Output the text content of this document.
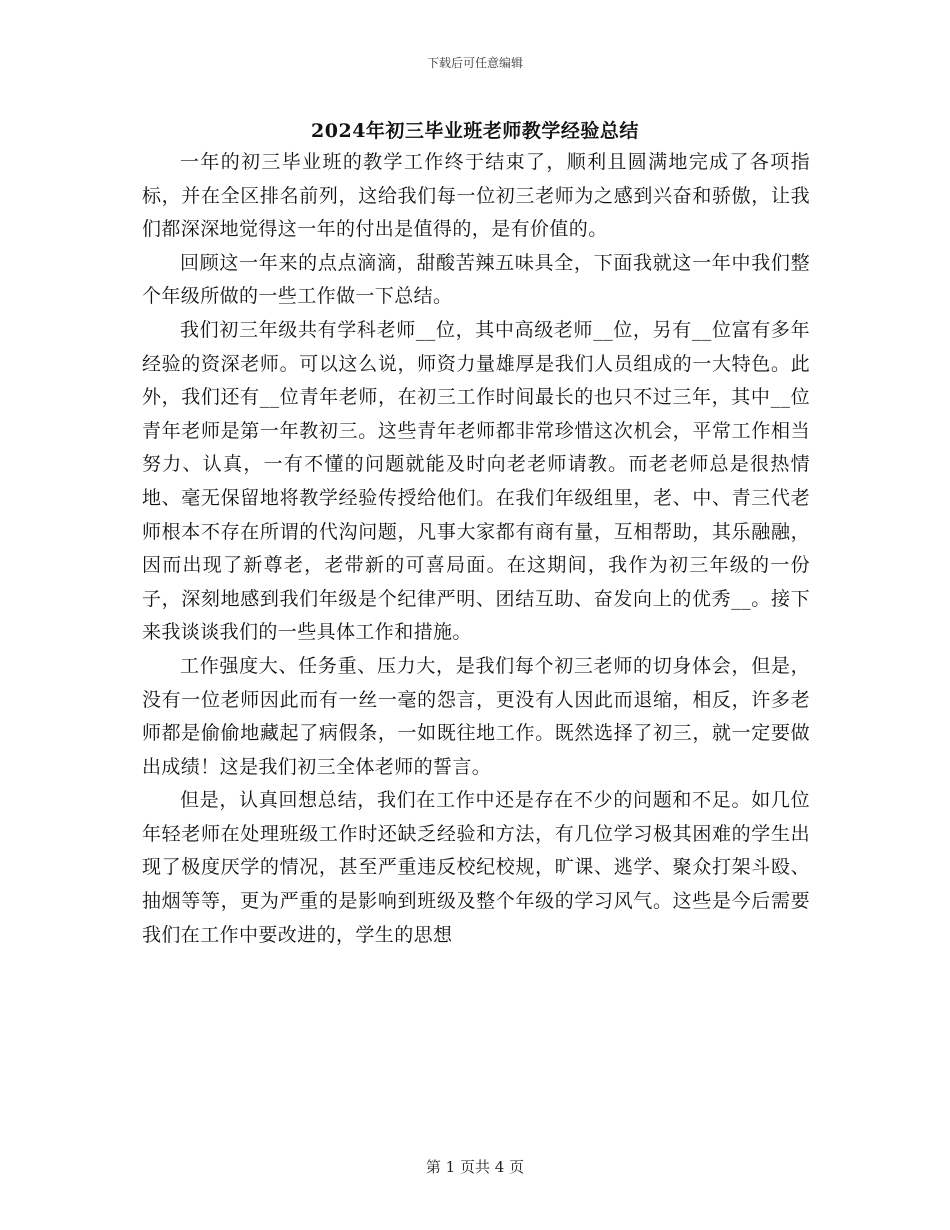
下载后可任意编辑
2024年初三毕业班老师教学经验总结

一年的初三毕业班的教学工作终于结束了，顺利且圆满地完成了各项指标，并在全区排名前列，这给我们每一位初三老师为之感到兴奋和骄傲，让我们都深深地觉得这一年的付出是值得的，是有价值的。

回顾这一年来的点点滴滴，甜酸苦辣五味具全，下面我就这一年中我们整个年级所做的一些工作做一下总结。

我们初三年级共有学科老师__位，其中高级老师__位，另有__位富有多年经验的资深老师。可以这么说，师资力量雄厚是我们人员组成的一大特色。此外，我们还有__位青年老师，在初三工作时间最长的也只不过三年，其中__位青年老师是第一年教初三。这些青年老师都非常珍惜这次机会，平常工作相当努力、认真，一有不懂的问题就能及时向老老师请教。而老老师总是很热情地、毫无保留地将教学经验传授给他们。在我们年级组里，老、中、青三代老师根本不存在所谓的代沟问题，凡事大家都有商有量，互相帮助，其乐融融，因而出现了新尊老，老带新的可喜局面。在这期间，我作为初三年级的一份子，深刻地感到我们年级是个纪律严明、团结互助、奋发向上的优秀__。接下来我谈谈我们的一些具体工作和措施。

工作强度大、任务重、压力大，是我们每个初三老师的切身体会，但是，没有一位老师因此而有一丝一毫的怨言，更没有人因此而退缩，相反，许多老师都是偷偷地藏起了病假条，一如既往地工作。既然选择了初三，就一定要做出成绩！这是我们初三全体老师的誓言。

但是，认真回想总结，我们在工作中还是存在不少的问题和不足。如几位年轻老师在处理班级工作时还缺乏经验和方法，有几位学习极其困难的学生出现了极度厌学的情况，甚至严重违反校纪校规，旷课、逃学、聚众打架斗殴、抽烟等等，更为严重的是影响到班级及整个年级的学习风气。这些是今后需要我们在工作中要改进的，学生的思想

第 1 页共 4 页
